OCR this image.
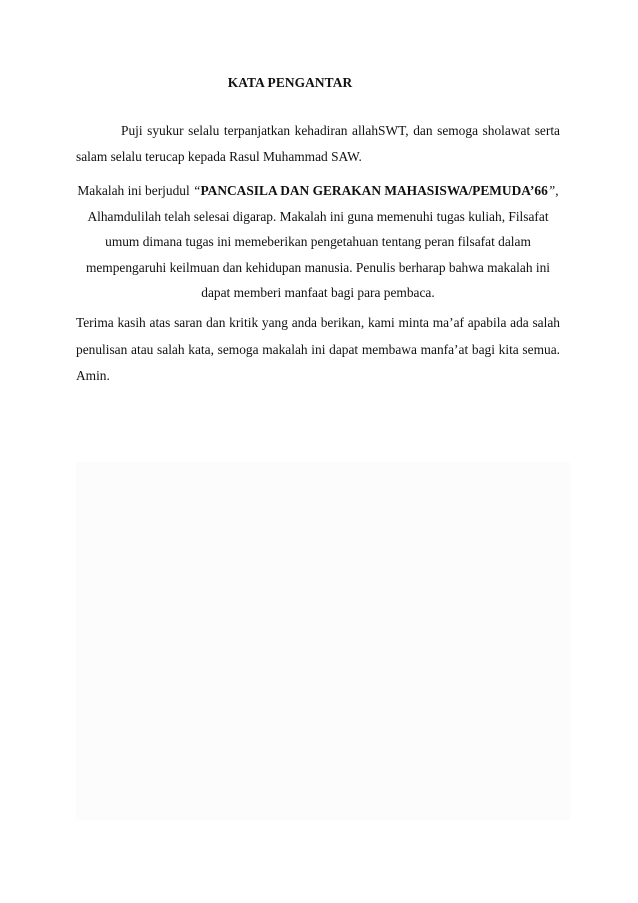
KATA PENGANTAR

Puji syukur selalu terpanjatkan kehadiran allahSWT, dan semoga sholawat serta salam selalu terucap kepada Rasul Muhammad SAW.

Makalah ini berjudul “PANCASILA DAN GERAKAN MAHASISWA/PEMUDA’66”, Alhamdulilah telah selesai digarap. Makalah ini guna memenuhi tugas kuliah, Filsafat umum dimana tugas ini memeberikan pengetahuan tentang peran filsafat dalam mempengaruhi keilmuan dan kehidupan manusia. Penulis berharap bahwa makalah ini dapat memberi manfaat bagi para pembaca.

Terima kasih atas saran dan kritik yang anda berikan, kami minta ma’af apabila ada salah penulisan atau salah kata, semoga makalah ini dapat membawa manfa’at bagi kita semua. Amin.
